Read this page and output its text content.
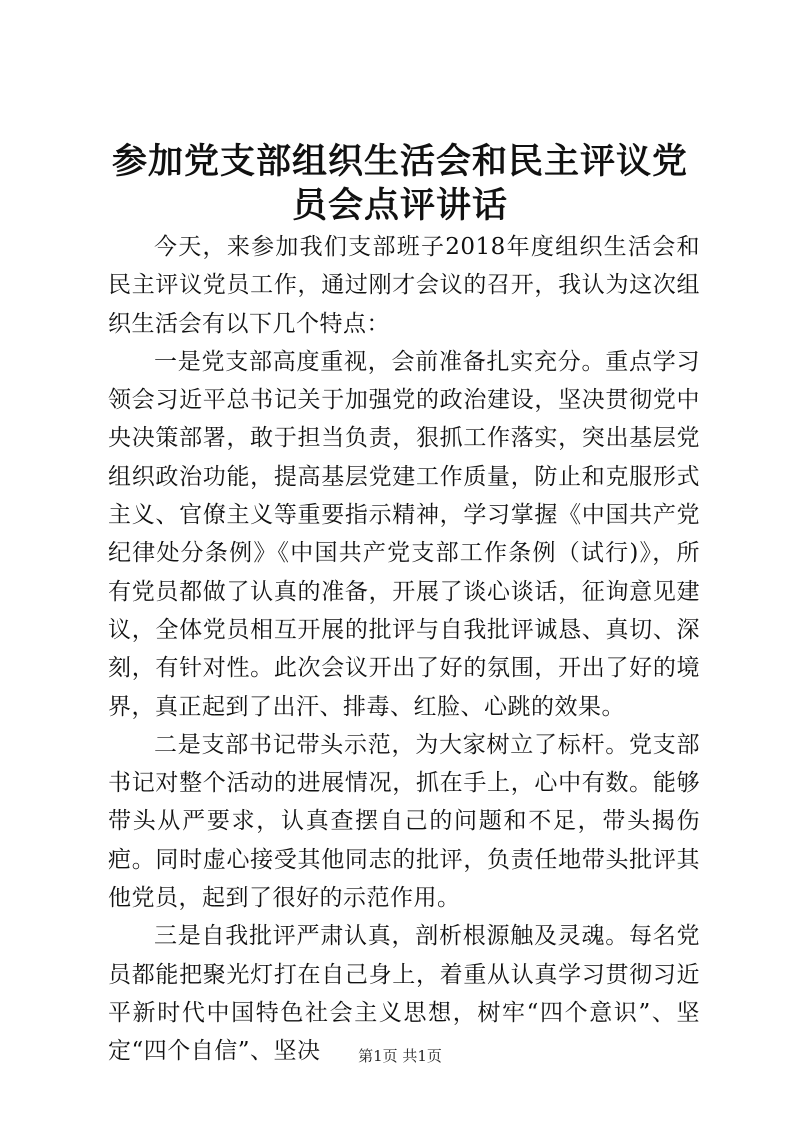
参加党支部组织生活会和民主评议党员会点评讲话

今天，来参加我们支部班子2018年度组织生活会和民主评议党员工作，通过刚才会议的召开，我认为这次组织生活会有以下几个特点：

一是党支部高度重视，会前准备扎实充分。重点学习领会习近平总书记关于加强党的政治建设，坚决贯彻党中央决策部署，敢于担当负责，狠抓工作落实，突出基层党组织政治功能，提高基层党建工作质量，防止和克服形式主义、官僚主义等重要指示精神，学习掌握《中国共产党纪律处分条例》《中国共产党支部工作条例（试行)》，所有党员都做了认真的准备，开展了谈心谈话，征询意见建议，全体党员相互开展的批评与自我批评诚恳、真切、深刻，有针对性。此次会议开出了好的氛围，开出了好的境界，真正起到了出汗、排毒、红脸、心跳的效果。

二是支部书记带头示范，为大家树立了标杆。党支部书记对整个活动的进展情况，抓在手上，心中有数。能够带头从严要求，认真查摆自己的问题和不足，带头揭伤疤。同时虚心接受其他同志的批评，负责任地带头批评其他党员，起到了很好的示范作用。

三是自我批评严肃认真，剖析根源触及灵魂。每名党员都能把聚光灯打在自己身上，着重从认真学习贯彻习近平新时代中国特色社会主义思想，树牢“四个意识”、坚定“四个自信”、坚决	第1页 共1页
